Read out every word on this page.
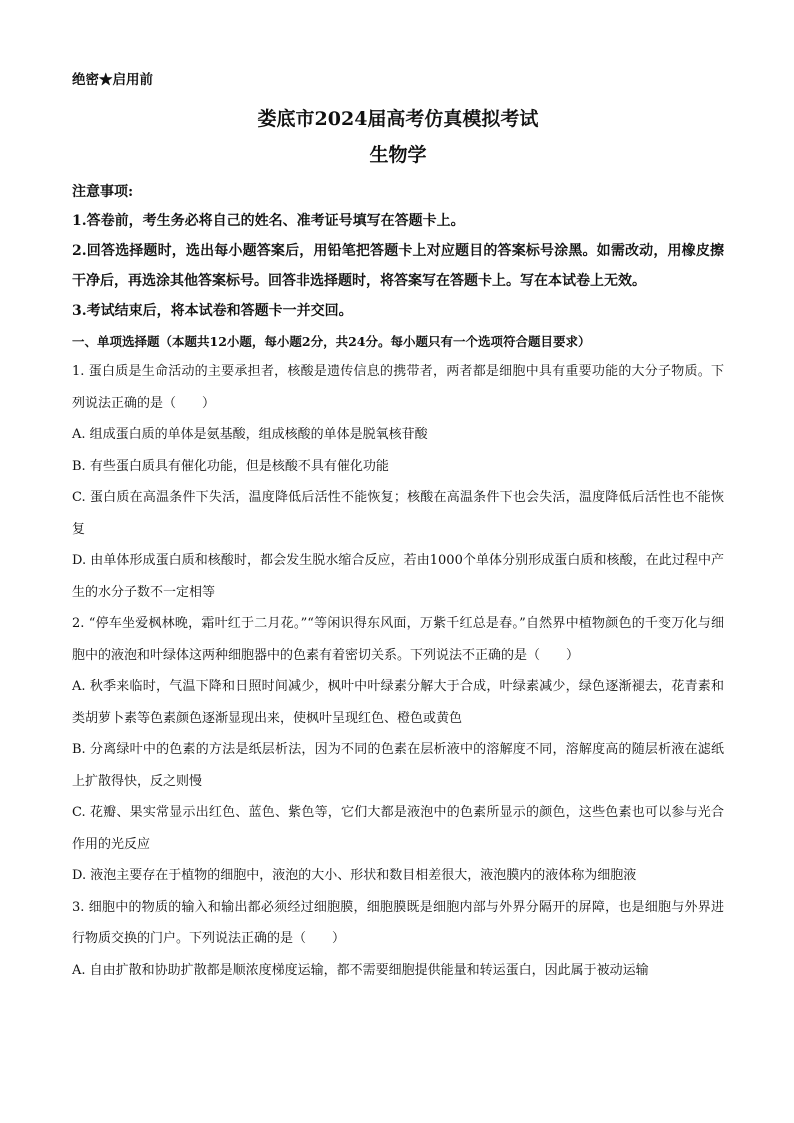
绝密★启用前
娄底市2024届高考仿真模拟考试
生物学
注意事项:
1.答卷前，考生务必将自己的姓名、准考证号填写在答题卡上。
2.回答选择题时，选出每小题答案后，用铅笔把答题卡上对应题目的答案标号涂黑。如需改动，用橡皮擦干净后，再选涂其他答案标号。回答非选择题时，将答案写在答题卡上。写在本试卷上无效。
3.考试结束后，将本试卷和答题卡一并交回。
一、单项选择题（本题共12小题，每小题2分，共24分。每小题只有一个选项符合题目要求）
1. 蛋白质是生命活动的主要承担者，核酸是遗传信息的携带者，两者都是细胞中具有重要功能的大分子物质。下列说法正确的是（　　）
A. 组成蛋白质的单体是氨基酸，组成核酸的单体是脱氧核苷酸
B. 有些蛋白质具有催化功能，但是核酸不具有催化功能
C. 蛋白质在高温条件下失活，温度降低后活性不能恢复；核酸在高温条件下也会失活，温度降低后活性也不能恢复
D. 由单体形成蛋白质和核酸时，都会发生脱水缩合反应，若由1000个单体分别形成蛋白质和核酸，在此过程中产生的水分子数不一定相等
2. “停车坐爱枫林晚，霜叶红于二月花。”“等闲识得东风面，万紫千红总是春。”自然界中植物颜色的千变万化与细胞中的液泡和叶绿体这两种细胞器中的色素有着密切关系。下列说法不正确的是（　　）
A. 秋季来临时，气温下降和日照时间减少，枫叶中叶绿素分解大于合成，叶绿素减少，绿色逐渐褪去，花青素和类胡萝卜素等色素颜色逐渐显现出来，使枫叶呈现红色、橙色或黄色
B. 分离绿叶中的色素的方法是纸层析法，因为不同的色素在层析液中的溶解度不同，溶解度高的随层析液在滤纸上扩散得快，反之则慢
C. 花瓣、果实常显示出红色、蓝色、紫色等，它们大都是液泡中的色素所显示的颜色，这些色素也可以参与光合作用的光反应
D. 液泡主要存在于植物的细胞中，液泡的大小、形状和数目相差很大，液泡膜内的液体称为细胞液
3. 细胞中的物质的输入和输出都必须经过细胞膜，细胞膜既是细胞内部与外界分隔开的屏障，也是细胞与外界进行物质交换的门户。下列说法正确的是（　　）
A. 自由扩散和协助扩散都是顺浓度梯度运输，都不需要细胞提供能量和转运蛋白，因此属于被动运输
